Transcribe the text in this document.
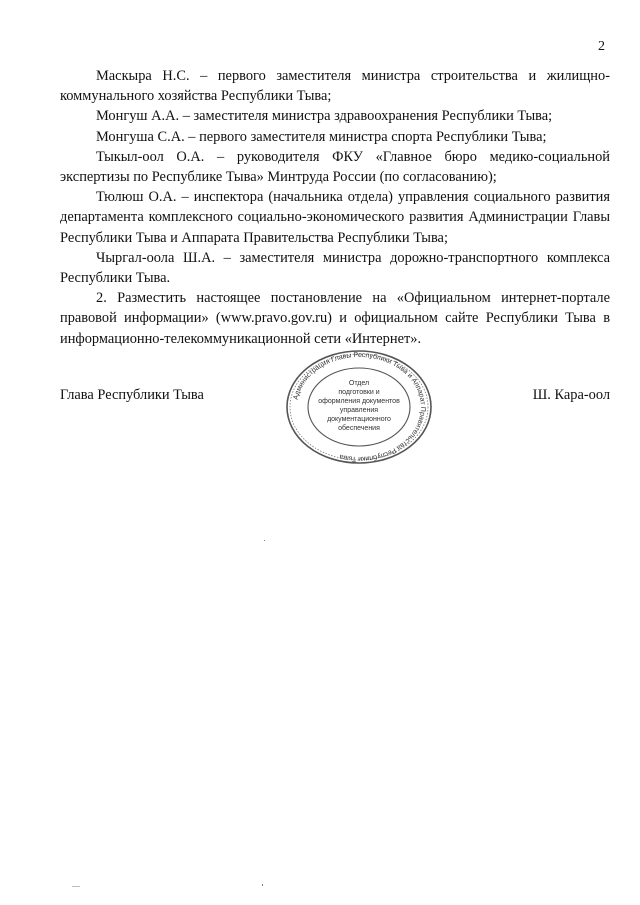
2

Маскыра Н.С. – первого заместителя министра строительства и жилищно-коммунального хозяйства Республики Тыва;

Монгуш А.А. – заместителя министра здравоохранения Республики Тыва;

Монгуша С.А. – первого заместителя министра спорта Республики Тыва;

Тыкыл-оол О.А. – руководителя ФКУ «Главное бюро медико-социальной экспертизы по Республике Тыва» Минтруда России (по согласованию);

Тюлюш О.А. – инспектора (начальника отдела) управления социального развития департамента комплексного социально-экономического развития Администрации Главы Республики Тыва и Аппарата Правительства Республики Тыва;

Чыргал-оола Ш.А. – заместителя министра дорожно-транспортного комплекса Республики Тыва.

2. Разместить настоящее постановление на «Официальном интернет-портале правовой информации» (www.pravo.gov.ru) и официальном сайте Республики Тыва в информационно-телекоммуникационной сети «Интернет».

Глава Республики Тыва	Ш. Кара-оол
Администрация Главы Республики Тыва и Аппарат Правительства Республики Тыва
Отдел
подготовки и
оформления документов
управления
документационного
обеспечения
